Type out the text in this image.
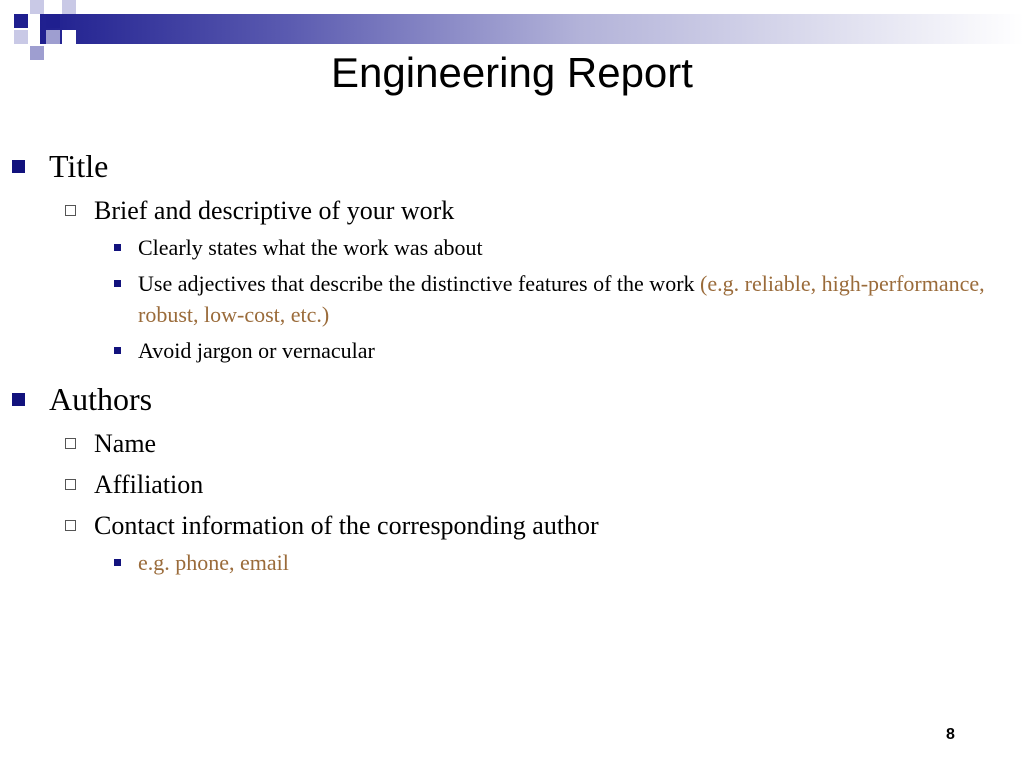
Engineering Report
Title
Brief and descriptive of your work
Clearly states what the work was about
Use adjectives that describe the distinctive features of the work (e.g. reliable, high-performance, robust, low-cost, etc.)
Avoid jargon or vernacular
Authors
Name
Affiliation
Contact information of the corresponding author
e.g. phone, email
8
